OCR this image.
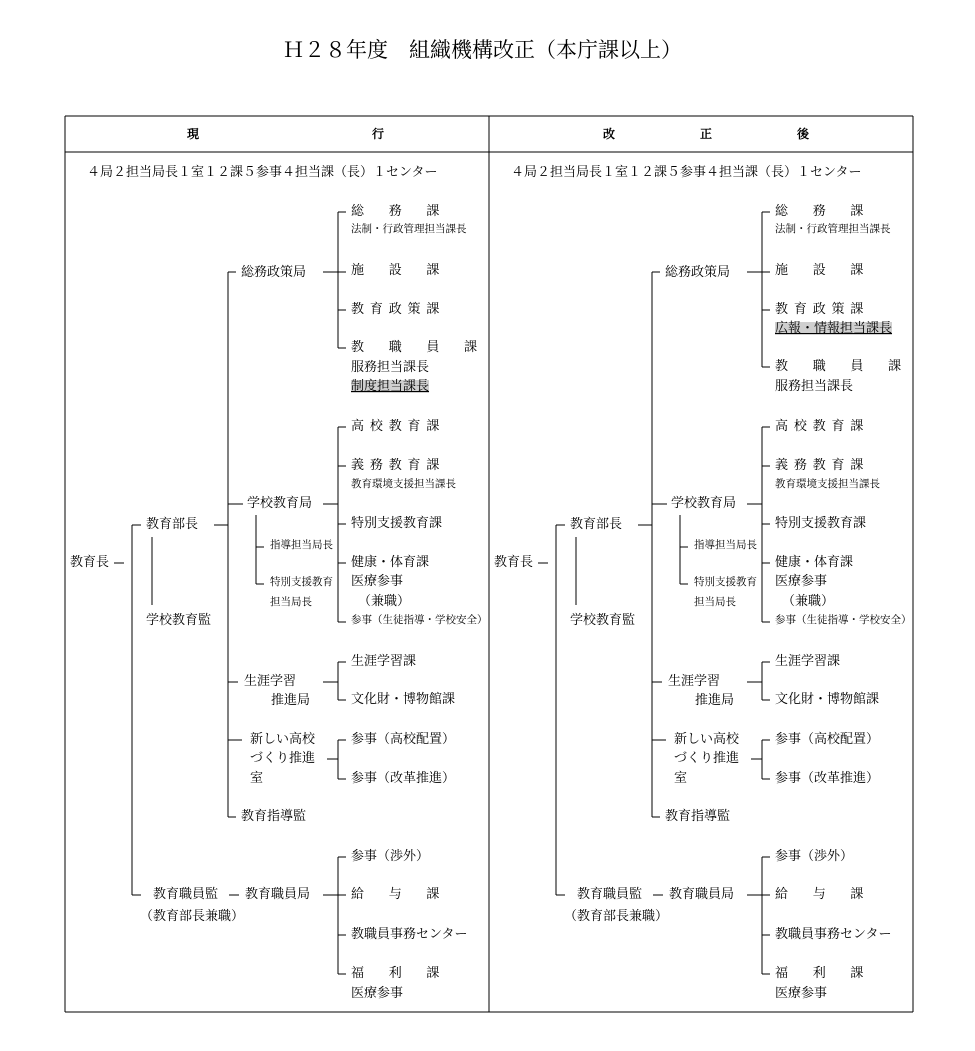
Ｈ２８年度　組織機構改正（本庁課以上）
現	行	改	正	後
４局２担当局長１室１２課５参事４担当課（長）１センター
教育長
教育部長
学校教育監
教育職員監
（教育部長兼職）
総務政策局
学校教育局
指導担当局長
特別支援教育
担当局長
生涯学習
推進局
新しい高校
づくり推進
室
教育指導監
教育職員局
生涯学習課
文化財・博物館課
参事（高校配置）
参事（改革推進）
参事（渉外）
給　与　課
教職員事務センター
福　利　課
医療参事
総　務　課
法制・行政管理担当課長
施　設　課
教育政策課
教　職　員　課
服務担当課長
高校教育課
義務教育課
教育環境支援担当課長
特別支援教育課
健康・体育課
医療参事
（兼職）
参事（生徒指導・学校安全）
制度担当課長
４局２担当局長１室１２課５参事４担当課（長）１センター
教育長
教育部長
学校教育監
教育職員監
（教育部長兼職）
総務政策局
学校教育局
指導担当局長
特別支援教育
担当局長
生涯学習
推進局
新しい高校
づくり推進
室
教育指導監
教育職員局
生涯学習課
文化財・博物館課
参事（高校配置）
参事（改革推進）
参事（渉外）
給　与　課
教職員事務センター
福　利　課
医療参事
総　務　課
法制・行政管理担当課長
施　設　課
教育政策課
教　職　員　課
服務担当課長
高校教育課
義務教育課
教育環境支援担当課長
特別支援教育課
健康・体育課
医療参事
（兼職）
参事（生徒指導・学校安全）
広報・情報担当課長
